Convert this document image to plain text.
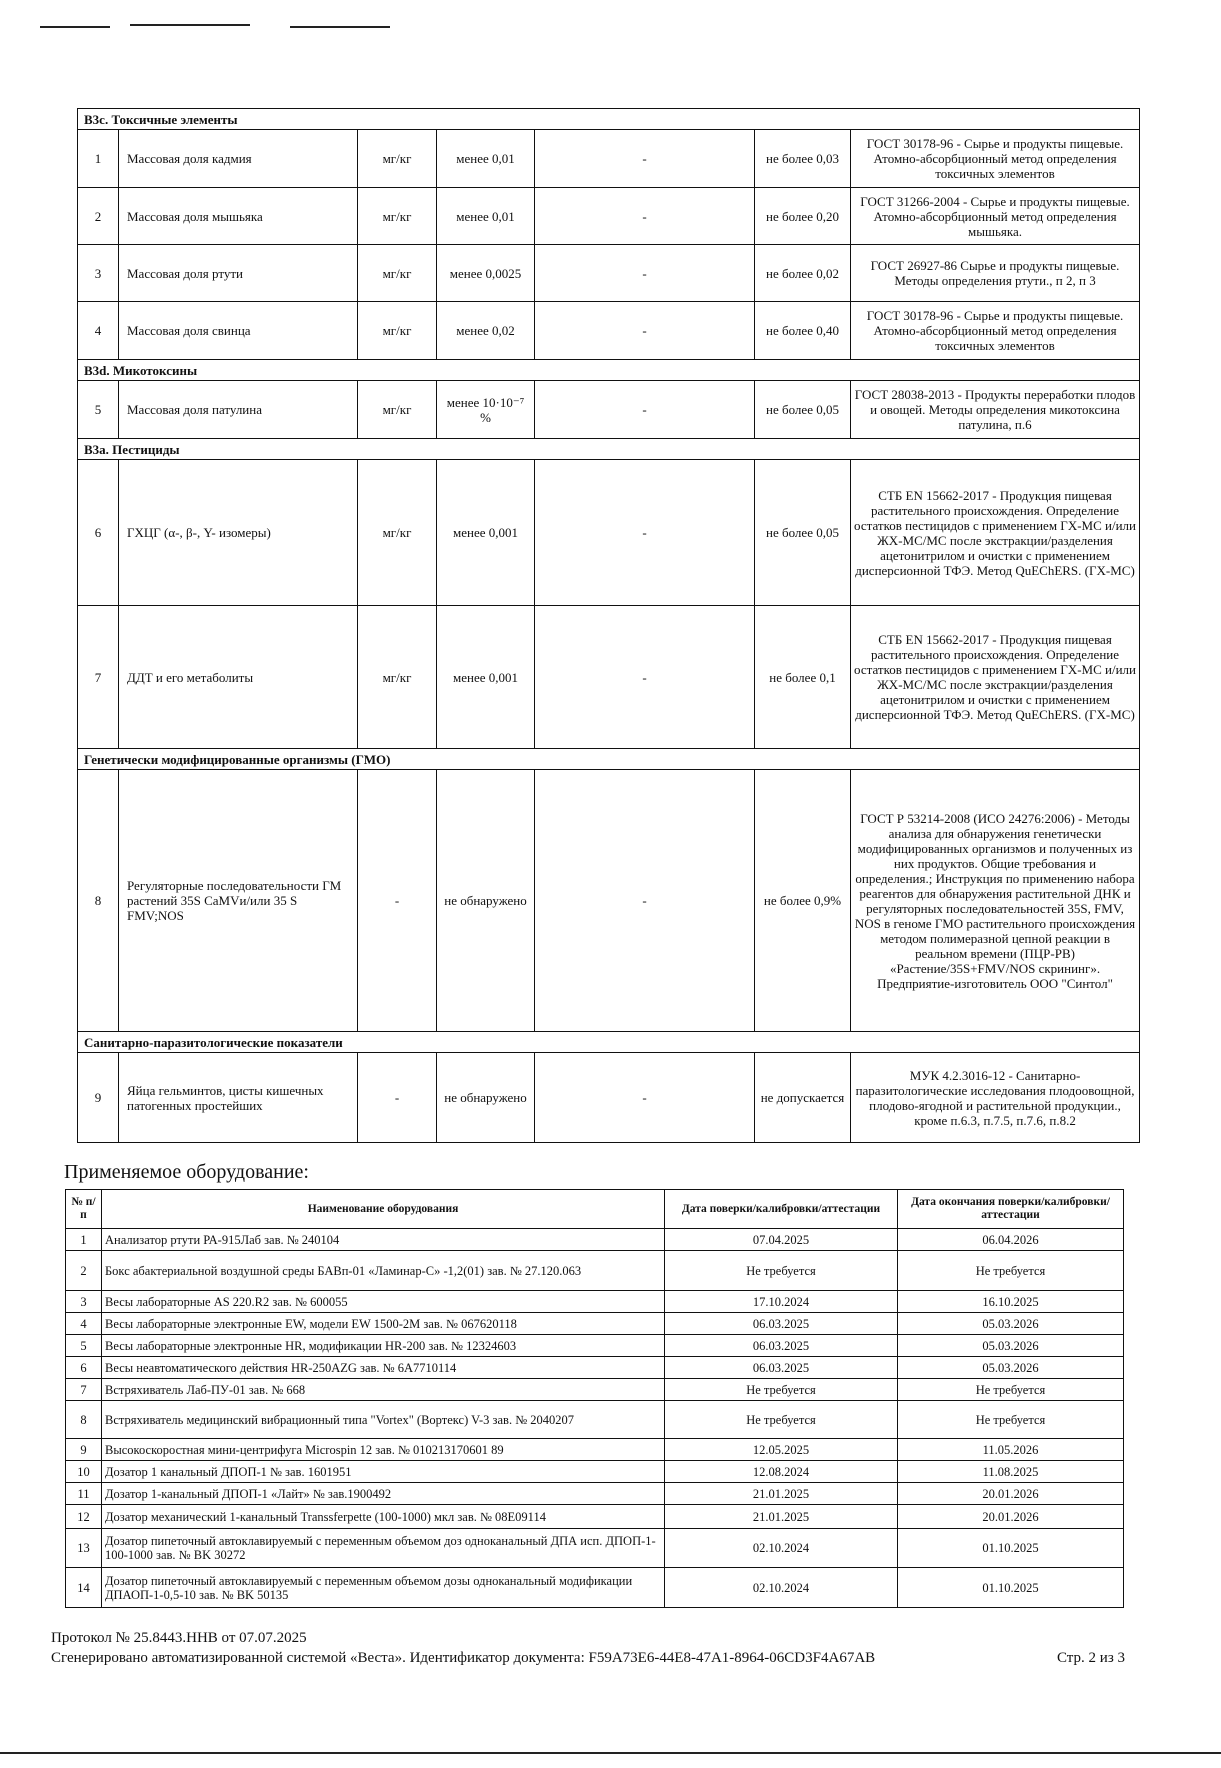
B3c. Токсичные элементы						
1	Массовая доля кадмия	мг/кг	менее 0,01	-	не более 0,03	ГОСТ 30178-96 - Сырье и продукты пищевые. Атомно-абсорбционный метод определения токсичных элементов
2	Массовая доля мышьяка	мг/кг	менее 0,01	-	не более 0,20	ГОСТ 31266-2004 - Сырье и продукты пищевые. Атомно-абсорбционный метод определения мышьяка.
3	Массовая доля ртути	мг/кг	менее 0,0025	-	не более 0,02	ГОСТ 26927-86 Сырье и продукты пищевые. Методы определения ртути., п 2, п 3
4	Массовая доля свинца	мг/кг	менее 0,02	-	не более 0,40	ГОСТ 30178-96 - Сырье и продукты пищевые. Атомно-абсорбционный метод определения токсичных элементов
B3d. Микотоксины						
5	Массовая доля патулина	мг/кг	менее 10·10⁻⁷ %	-	не более 0,05	ГОСТ 28038-2013 - Продукты переработки плодов и овощей. Методы определения микотоксина патулина, п.6
B3a. Пестициды						
6	ГХЦГ (α-, β-, Y- изомеры)	мг/кг	менее 0,001	-	не более 0,05	СТБ EN 15662-2017 - Продукция пищевая растительного происхождения. Определение остатков пестицидов с применением ГХ-МС и/или ЖХ-МС/МС после экстракции/разделения ацетонитрилом и очистки с применением дисперсионной ТФЭ. Метод QuEChERS. (ГХ-МС)
7	ДДТ и его метаболиты	мг/кг	менее 0,001	-	не более 0,1	СТБ EN 15662-2017 - Продукция пищевая растительного происхождения. Определение остатков пестицидов с применением ГХ-МС и/или ЖХ-МС/МС после экстракции/разделения ацетонитрилом и очистки с применением дисперсионной ТФЭ. Метод QuEChERS. (ГХ-МС)
Генетически модифицированные организмы (ГМО)						
8	Регуляторные последовательности ГМ растений 35S CaMVи/или 35 S FMV;NOS	-	не обнаружено	-	не более 0,9%	ГОСТ Р 53214-2008 (ИСО 24276:2006) - Методы анализа для обнаружения генетически модифицированных организмов и полученных из них продуктов. Общие требования и определения.; Инструкция по применению набора реагентов для обнаружения растительной ДНК и регуляторных последовательностей 35S, FMV, NOS в геноме ГМО растительного происхождения методом полимеразной цепной реакции в реальном времени (ПЦР-РВ) «Растение/35S+FMV/NOS скрининг». Предприятие-изготовитель ООО "Синтол"
Санитарно-паразитологические показатели						
9	Яйца гельминтов, цисты кишечных патогенных простейших	-	не обнаружено	-	не допускается	МУК 4.2.3016-12 - Санитарно-паразитологические исследования плодоовощной, плодово-ягодной и растительной продукции., кроме п.6.3, п.7.5, п.7.6, п.8.2
Применяемое оборудование:
№ п/п	Наименование оборудования	Дата поверки/калибровки/аттестации	Дата окончания поверки/калибровки/аттестации
1	Анализатор ртути РА-915Лаб зав. № 240104	07.04.2025	06.04.2026
2	Бокс абактериальной воздушной среды БАВп-01 «Ламинар-С» -1,2(01) зав. № 27.120.063	Не требуется	Не требуется
3	Весы лабораторные AS 220.R2 зав. № 600055	17.10.2024	16.10.2025
4	Весы лабораторные электронные EW, модели EW 1500-2M зав. № 067620118	06.03.2025	05.03.2026
5	Весы лабораторные электронные HR, модификации HR-200 зав. № 12324603	06.03.2025	05.03.2026
6	Весы неавтоматического действия HR-250AZG зав. № 6A7710114	06.03.2025	05.03.2026
7	Встряхиватель Лаб-ПУ-01 зав. № 668	Не требуется	Не требуется
8	Встряхиватель медицинский вибрационный типа "Vortex" (Вортекс) V-3 зав. № 2040207	Не требуется	Не требуется
9	Высокоскоростная мини-центрифуга Microspin 12 зав. № 010213170601 89	12.05.2025	11.05.2026
10	Дозатор 1 канальный ДПОП-1 № зав. 1601951	12.08.2024	11.08.2025
11	Дозатор 1-канальный ДПОП-1 «Лайт» № зав.1900492	21.01.2025	20.01.2026
12	Дозатор механический 1-канальный Transsferpette (100-1000) мкл зав. № 08E09114	21.01.2025	20.01.2026
13	Дозатор пипеточный автоклавируемый с переменным объемом доз одноканальный ДПА исп. ДПОП-1-100-1000 зав. № BK 30272	02.10.2024	01.10.2025
14	Дозатор пипеточный автоклавируемый с переменным объемом дозы одноканальный модификации ДПАОП-1-0,5-10 зав. № BK 50135	02.10.2024	01.10.2025
Протокол № 25.8443.ННВ от 07.07.2025
Сгенерировано автоматизированной системой «Веста». Идентификатор документа: F59A73E6-44E8-47A1-8964-06CD3F4A67AB	Стр. 2 из 3
